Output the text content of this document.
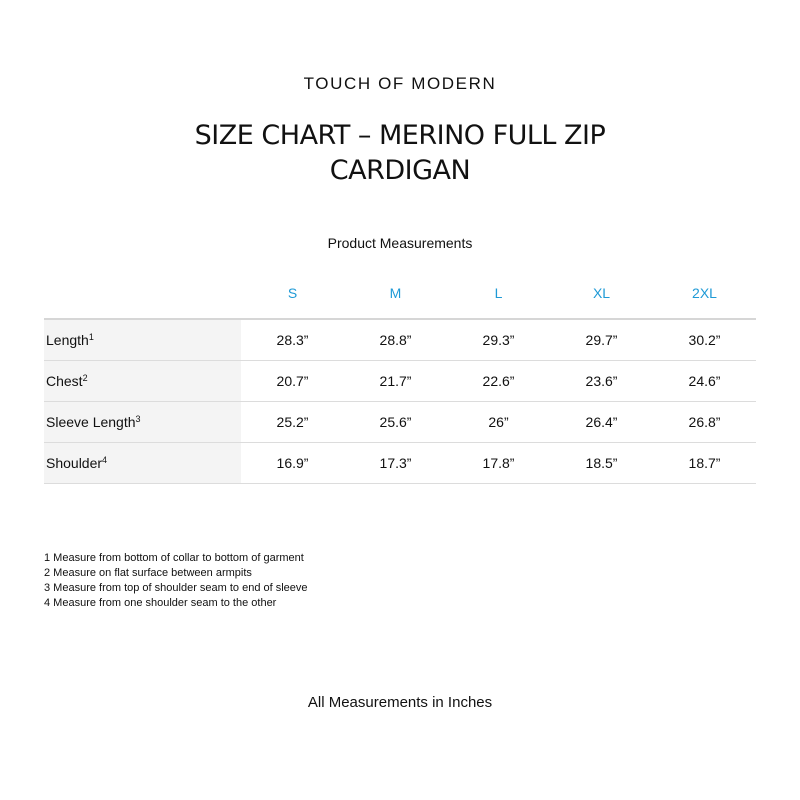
TOUCH OF MODERN
SIZE CHART – MERINO FULL ZIP
CARDIGAN
Product Measurements
	S	M	L	XL	2XL
Length$^1$	28.3”	28.8”	29.3”	29.7”	30.2”
Chest$^2$	20.7”	21.7”	22.6”	23.6”	24.6”
Sleeve Length$^3$	25.2”	25.6”	26”	26.4”	26.8”
Shoulder$^4$	16.9”	17.3”	17.8”	18.5”	18.7”
1 Measure from bottom of collar to bottom of garment
2 Measure on flat surface between armpits
3 Measure from top of shoulder seam to end of sleeve
4 Measure from one shoulder seam to the other
All Measurements in Inches
